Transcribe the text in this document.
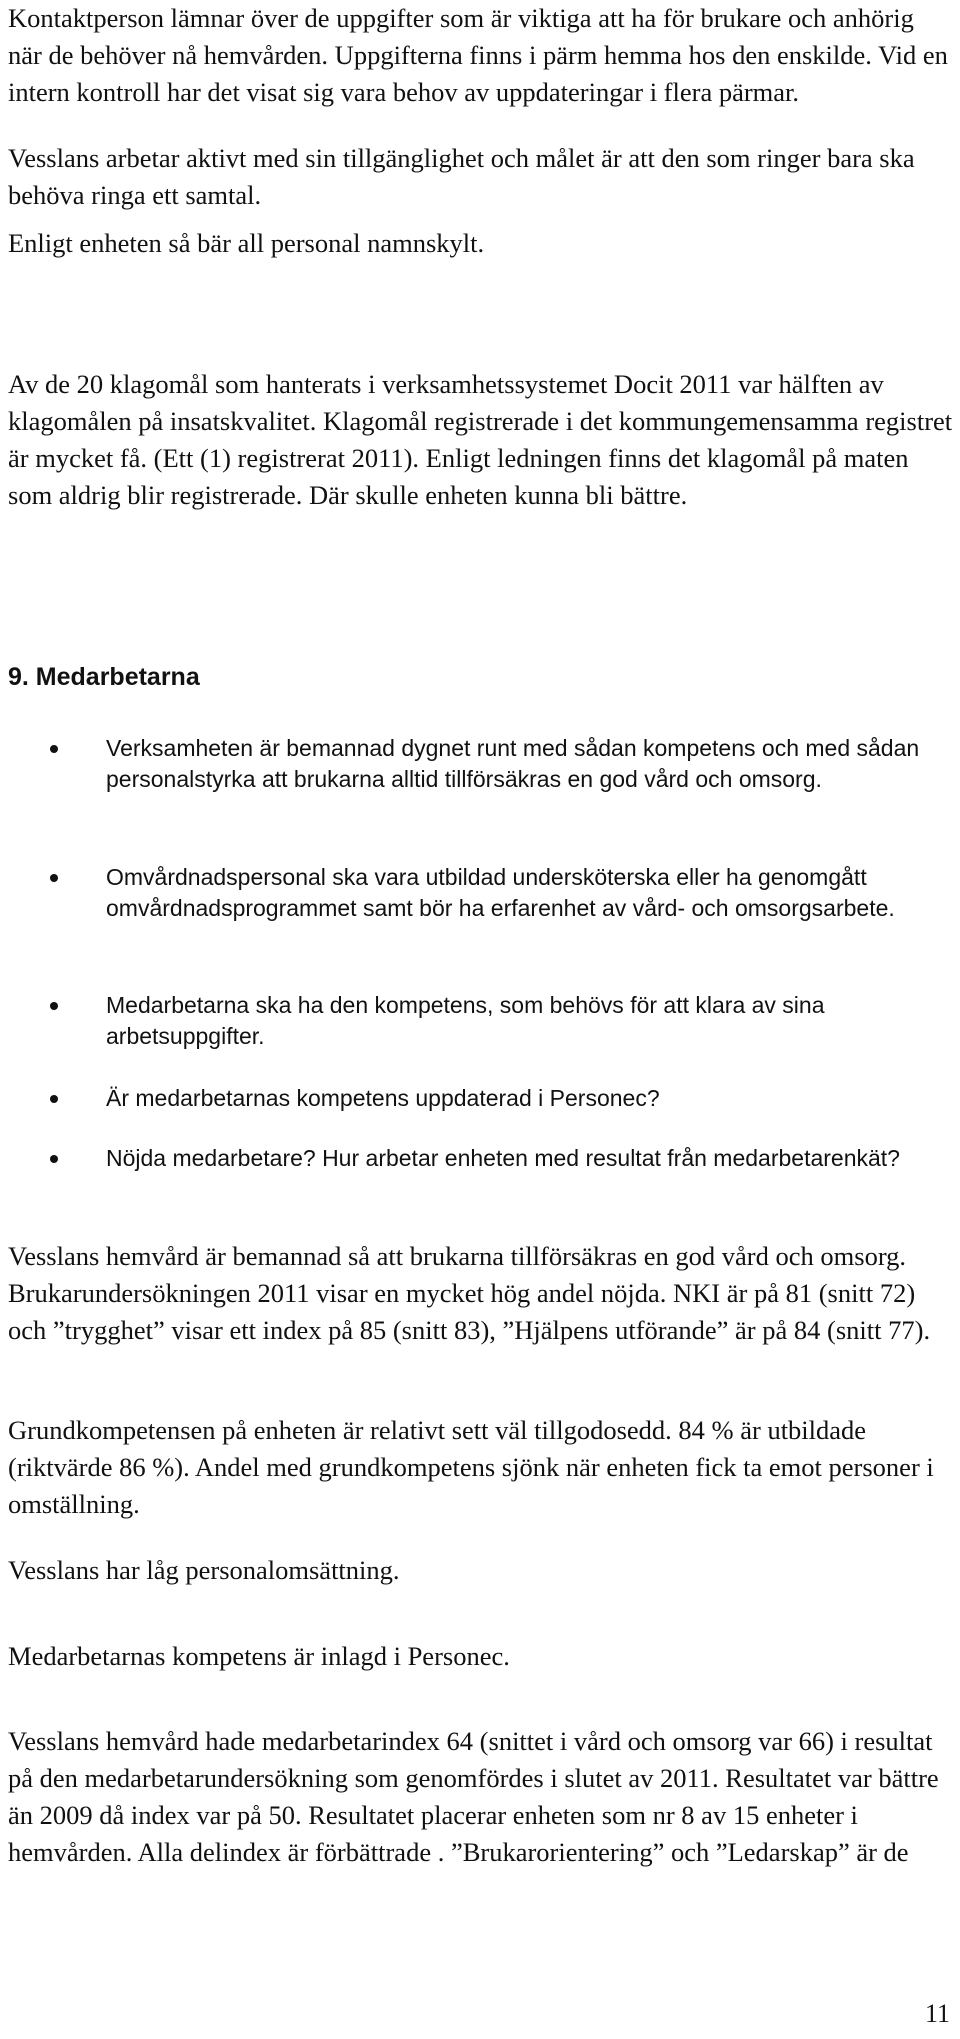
Kontaktperson lämnar över de uppgifter som är viktiga att ha för brukare och anhörig när de behöver nå hemvården. Uppgifterna finns i pärm hemma hos den enskilde. Vid en intern kontroll har det visat sig vara behov av uppdateringar i flera pärmar.

Vesslans arbetar aktivt med sin tillgänglighet och målet är att den som ringer bara ska behöva ringa ett samtal.

Enligt enheten så bär all personal namnskylt.

Av de 20 klagomål som hanterats i verksamhetssystemet Docit 2011 var hälften av klagomålen på insatskvalitet. Klagomål registrerade i det kommungemensamma registret är mycket få. (Ett (1) registrerat 2011). Enligt ledningen finns det klagomål på maten som aldrig blir registrerade. Där skulle enheten kunna bli bättre.

9. Medarbetarna

Verksamheten är bemannad dygnet runt med sådan kompetens och med sådan personalstyrka att brukarna alltid tillförsäkras en god vård och omsorg.

Omvårdnadspersonal ska vara utbildad undersköterska eller ha genomgått omvårdnadsprogrammet samt bör ha erfarenhet av vård- och omsorgsarbete.

Medarbetarna ska ha den kompetens, som behövs för att klara av sina arbetsuppgifter.

Är medarbetarnas kompetens uppdaterad i Personec?

Nöjda medarbetare? Hur arbetar enheten med resultat från medarbetarenkät?

Vesslans hemvård är bemannad så att brukarna tillförsäkras en god vård och omsorg. Brukarundersökningen 2011 visar en mycket hög andel nöjda. NKI är på 81 (snitt 72) och ”trygghet” visar ett index på 85 (snitt 83), ”Hjälpens utförande” är på 84 (snitt 77).

Grundkompetensen på enheten är relativt sett väl tillgodosedd. 84 % är utbildade (riktvärde 86 %). Andel med grundkompetens sjönk när enheten fick ta emot personer i omställning.

Vesslans har låg personalomsättning.

Medarbetarnas kompetens är inlagd i Personec.

Vesslans hemvård hade medarbetarindex 64 (snittet i vård och omsorg var 66) i resultat på den medarbetarundersökning som genomfördes i slutet av 2011. Resultatet var bättre än 2009 då index var på 50. Resultatet placerar enheten som nr 8 av 15 enheter i hemvården. Alla delindex är förbättrade . ”Brukarorientering” och ”Ledarskap” är de

11
